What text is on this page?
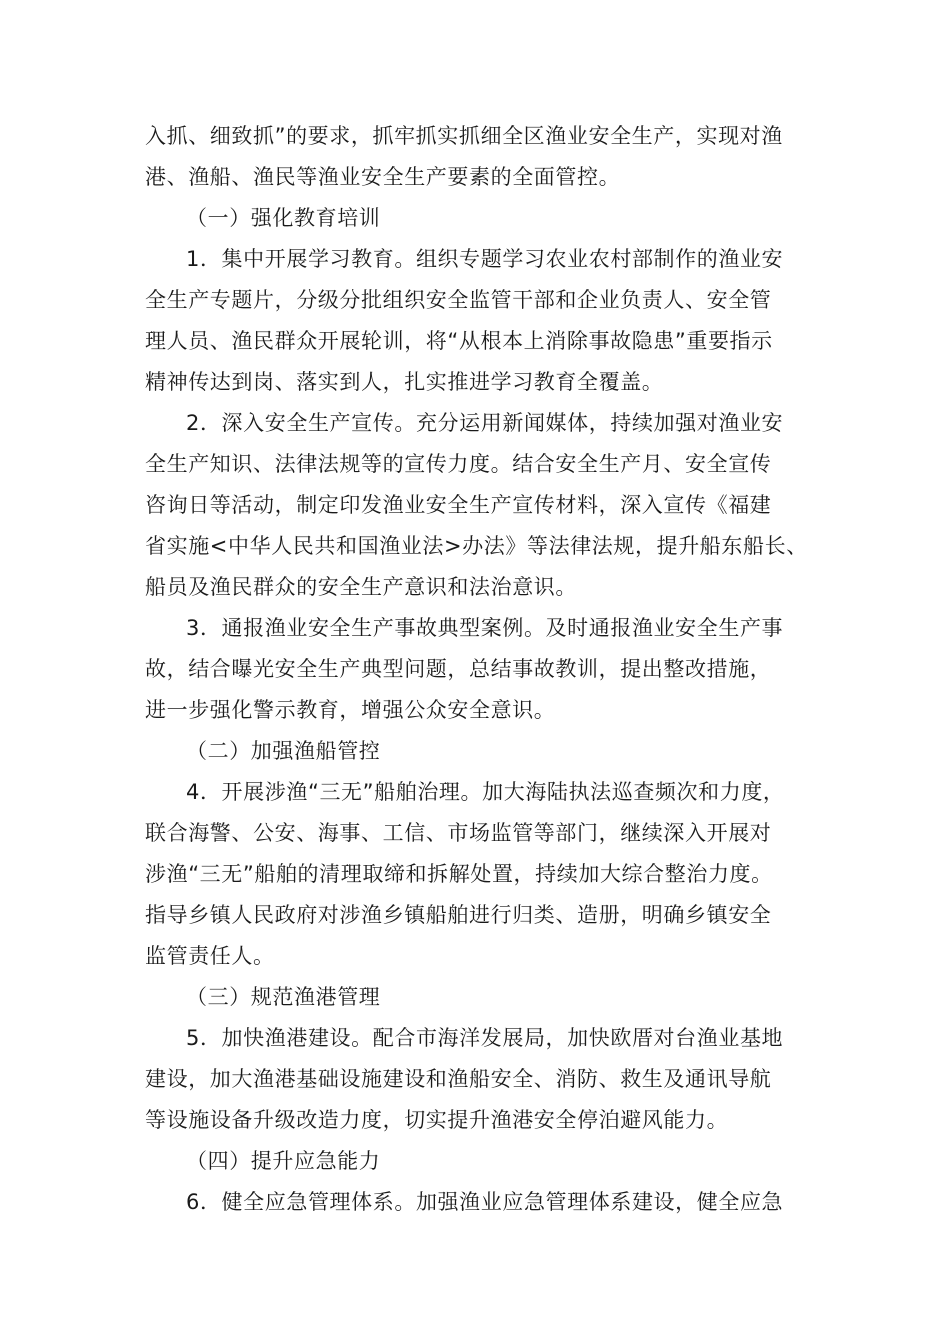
入抓、细致抓”的要求，抓牢抓实抓细全区渔业安全生产，实现对渔
港、渔船、渔民等渔业安全生产要素的全面管控。
（一）强化教育培训
1．集中开展学习教育。组织专题学习农业农村部制作的渔业安
全生产专题片，分级分批组织安全监管干部和企业负责人、安全管
理人员、渔民群众开展轮训，将“从根本上消除事故隐患”重要指示
精神传达到岗、落实到人，扎实推进学习教育全覆盖。
2．深入安全生产宣传。充分运用新闻媒体，持续加强对渔业安
全生产知识、法律法规等的宣传力度。结合安全生产月、安全宣传
咨询日等活动，制定印发渔业安全生产宣传材料，深入宣传《福建
省实施<中华人民共和国渔业法>办法》等法律法规，提升船东船长、
船员及渔民群众的安全生产意识和法治意识。
3．通报渔业安全生产事故典型案例。及时通报渔业安全生产事
故，结合曝光安全生产典型问题，总结事故教训，提出整改措施，
进一步强化警示教育，增强公众安全意识。
（二）加强渔船管控
4．开展涉渔“三无”船舶治理。加大海陆执法巡查频次和力度，
联合海警、公安、海事、工信、市场监管等部门，继续深入开展对
涉渔“三无”船舶的清理取缔和拆解处置，持续加大综合整治力度。
指导乡镇人民政府对涉渔乡镇船舶进行归类、造册，明确乡镇安全
监管责任人。
（三）规范渔港管理
5．加快渔港建设。配合市海洋发展局，加快欧厝对台渔业基地
建设，加大渔港基础设施建设和渔船安全、消防、救生及通讯导航
等设施设备升级改造力度，切实提升渔港安全停泊避风能力。
（四）提升应急能力
6．健全应急管理体系。加强渔业应急管理体系建设，健全应急
